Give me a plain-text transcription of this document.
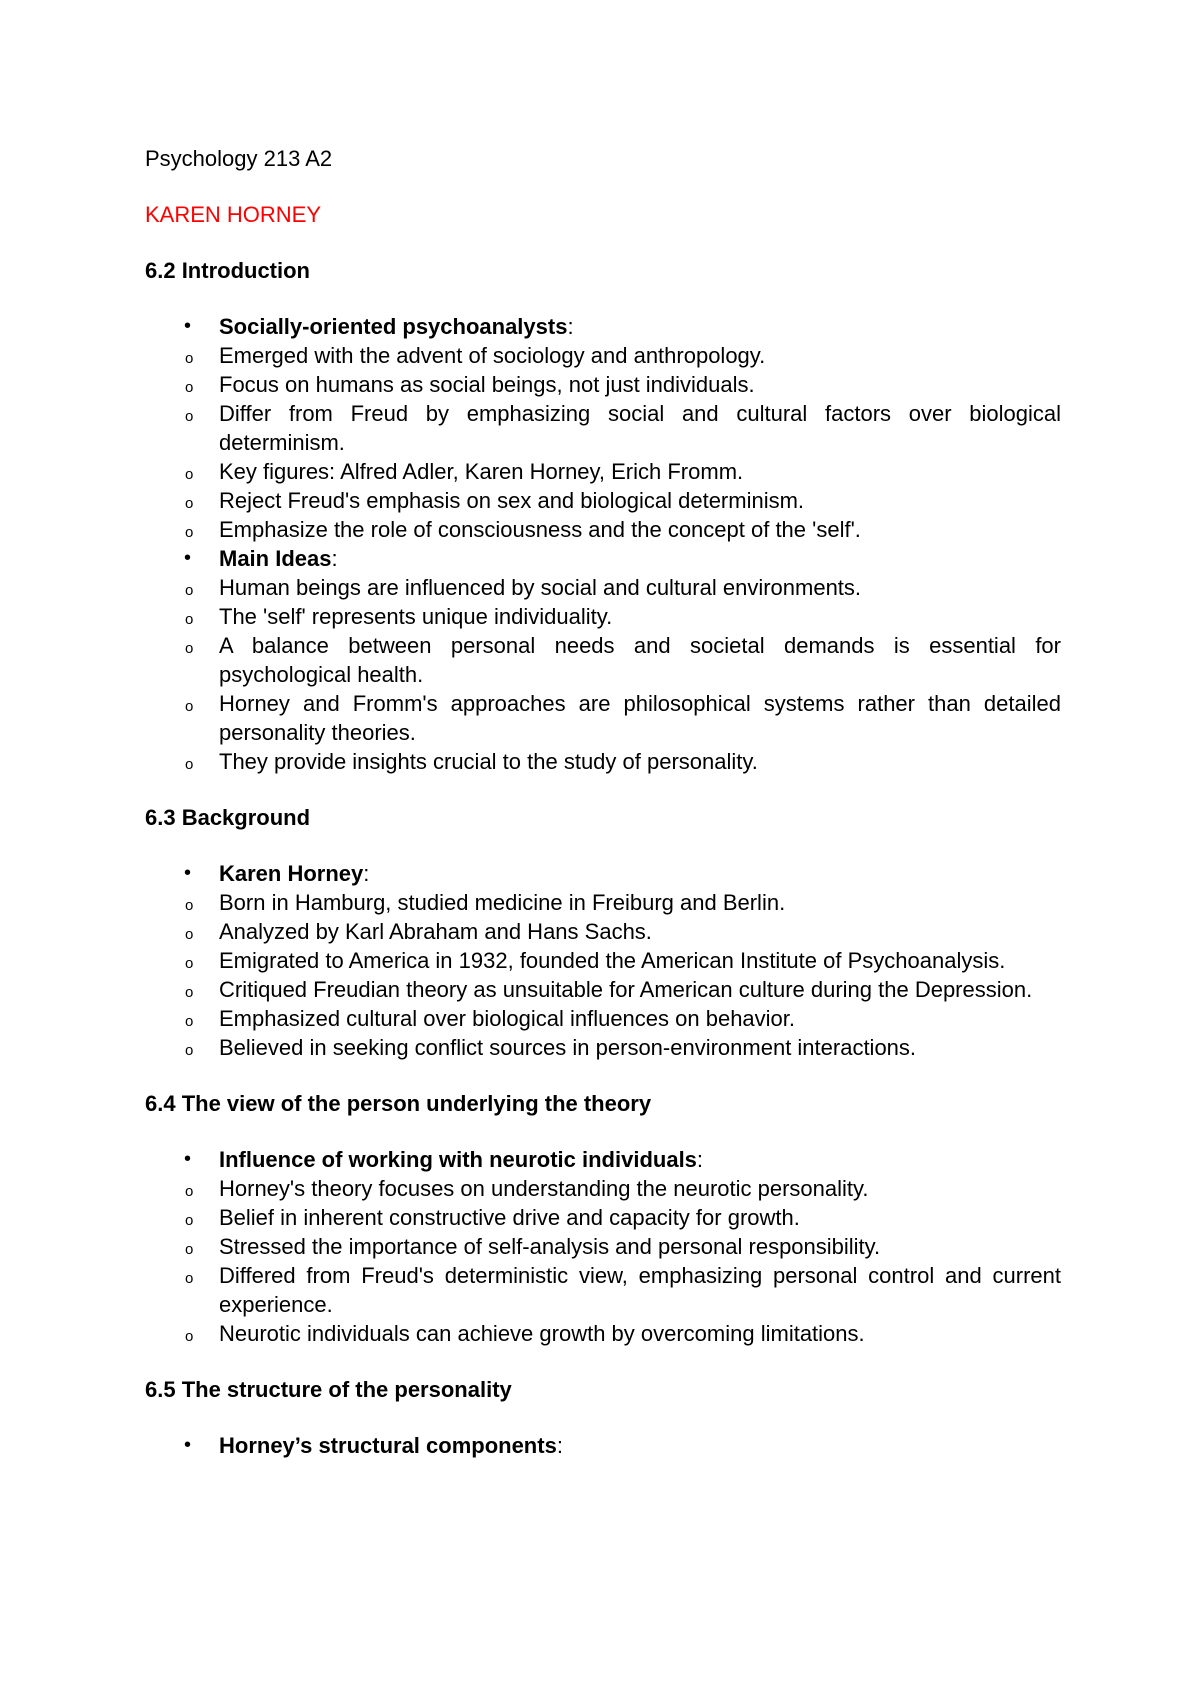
Psychology 213 A2

KAREN HORNEY

6.2 Introduction
• Socially-oriented psychoanalysts:
o Emerged with the advent of sociology and anthropology.
o Focus on humans as social beings, not just individuals.
o Differ from Freud by emphasizing social and cultural factors over biological determinism.
o Key figures: Alfred Adler, Karen Horney, Erich Fromm.
o Reject Freud's emphasis on sex and biological determinism.
o Emphasize the role of consciousness and the concept of the 'self'.
• Main Ideas:
o Human beings are influenced by social and cultural environments.
o The 'self' represents unique individuality.
o A balance between personal needs and societal demands is essential for psychological health.
o Horney and Fromm's approaches are philosophical systems rather than detailed personality theories.
o They provide insights crucial to the study of personality.
6.3 Background
• Karen Horney:
o Born in Hamburg, studied medicine in Freiburg and Berlin.
o Analyzed by Karl Abraham and Hans Sachs.
o Emigrated to America in 1932, founded the American Institute of Psychoanalysis.
o Critiqued Freudian theory as unsuitable for American culture during the Depression.
o Emphasized cultural over biological influences on behavior.
o Believed in seeking conflict sources in person-environment interactions.
6.4 The view of the person underlying the theory
• Influence of working with neurotic individuals:
o Horney's theory focuses on understanding the neurotic personality.
o Belief in inherent constructive drive and capacity for growth.
o Stressed the importance of self-analysis and personal responsibility.
o Differed from Freud's deterministic view, emphasizing personal control and current experience.
o Neurotic individuals can achieve growth by overcoming limitations.
6.5 The structure of the personality
• Horney’s structural components:
